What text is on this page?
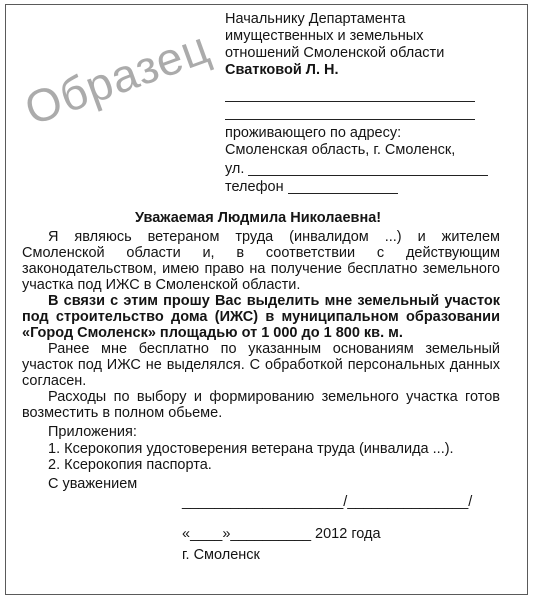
Образец
Начальнику Департамента
имущественных и земельных
отношений Смоленской области
Сватковой Л. Н.
проживающего по адресу:
Смоленская область, г. Смоленск,
ул.
телефон
Уважаемая Людмила Николаевна!
Я являюсь ветераном труда (инвалидом ...) и жителем Смоленской области и, в соответствии с действующим законодательством, имею право на получение бесплатно земельного участка под ИЖС в Смоленской области.
В связи с этим прошу Вас выделить мне земельный участок под строительство дома (ИЖС) в муниципальном образовании «Город Смоленск» площадью от 1 000 до 1 800 кв. м.
Ранее мне бесплатно по указанным основаниям земельный участок под ИЖС не выделялся. С обработкой персональных данных согласен.
Расходы по выбору и формированию земельного участка готов возместить в полном обьеме.
Приложения:
1. Ксерокопия удостоверения ветерана труда (инвалида ...).
2. Ксерокопия паспорта.
С уважением
____________________/_______________/
«____»__________ 2012 года
г. Смоленск
